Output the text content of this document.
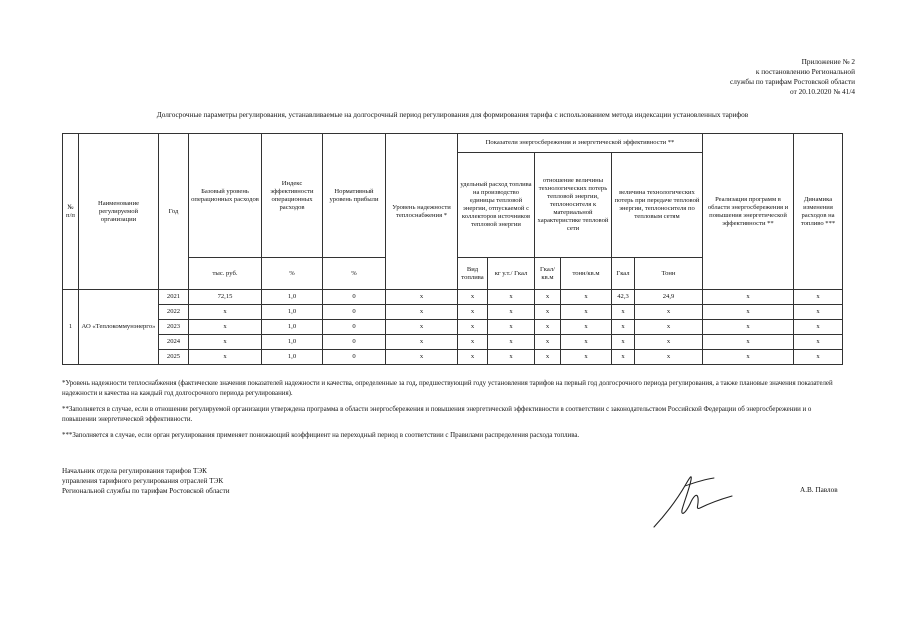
Приложение № 2
к постановлению Региональной
службы по тарифам Ростовской области
от 20.10.2020 № 41/4
Долгосрочные параметры регулирования, устанавливаемые на долгосрочный период регулирования для формирования тарифа с использованием метода индексации установленных тарифов
№ п/п	Наименование регулируемой организации	Год	Базовый уровень операционных расходов	Индекс эффективности операционных расходов	Нормативный уровень прибыли	Уровень надежности теплоснабжения *	Показатели энергосбережения и энергетической эффективности **						Реализация программ в области энергосбережения и повышения энергетической эффективности **	Динамика изменения расходов на топливо ***
							удельный расход топлива на производство единицы тепловой энергии, отпускаемой с коллекторов источников тепловой энергии		отношение величины технологических потерь тепловой энергии, теплоносителя к материальной характеристике тепловой сети		величина технологических потерь при передаче тепловой энергии, теплоносителя по тепловым сетям			
			тыс. руб.	%	%		Вид топлива	кг у.т./ Гкал	Гкал/ кв.м	тонн/кв.м	Гкал	Тонн		
1	АО «Теплокоммунэнерго»	2021	72,15	1,0	0	х	х	х	х	х	42,3	24,9	х	х
		2022	х	1,0	0	х	х	х	х	х	х	х	х	х
		2023	х	1,0	0	х	х	х	х	х	х	х	х	х
		2024	х	1,0	0	х	х	х	х	х	х	х	х	х
		2025	х	1,0	0	х	х	х	х	х	х	х	х	х
*Уровень надежности теплоснабжения (фактические значения показателей надежности и качества, определенные за год, предшествующий году установления тарифов на первый год долгосрочного периода регулирования, а также плановые значения показателей надежности и качества на каждый год долгосрочного периода регулирования).
**Заполняется в случае, если в отношении регулируемой организации утверждена программа в области энергосбережения и повышения энергетической эффективности в соответствии с законодательством Российской Федерации об энергосбережении и о повышении энергетической эффективности.
***Заполняется в случае, если орган регулирования применяет понижающий коэффициент на переходный период в соответствии с Правилами распределения расхода топлива.
Начальник отдела регулирования тарифов ТЭК
управления тарифного регулирования отраслей ТЭК
Региональной службы по тарифам Ростовской области	А.В. Павлов
